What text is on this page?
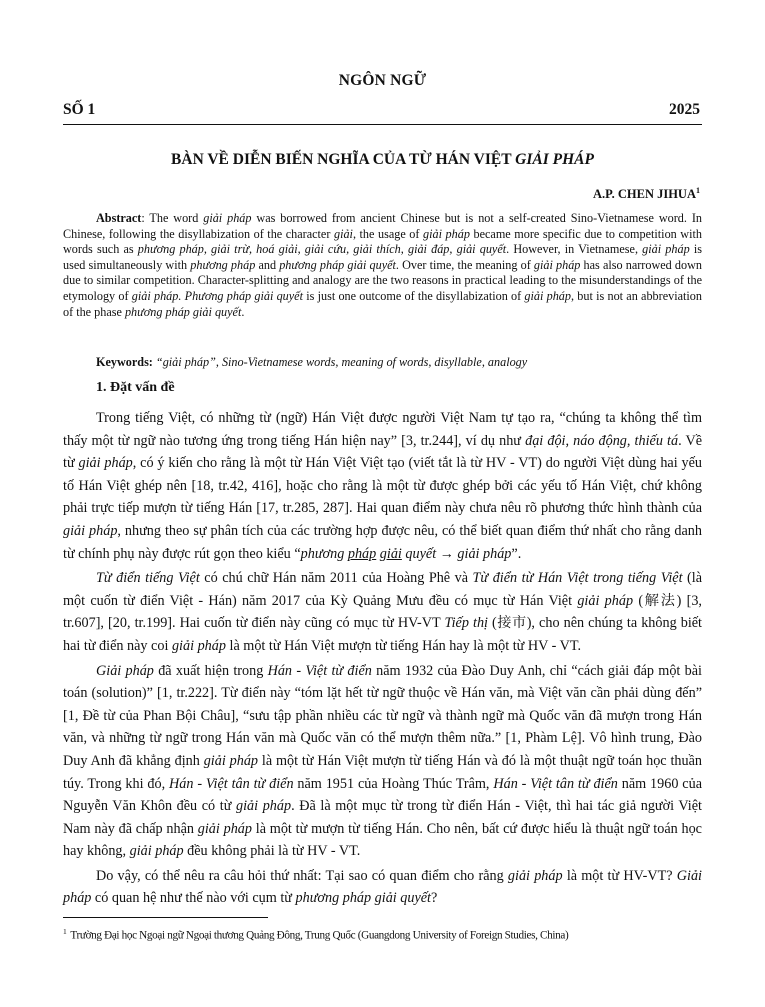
NGÔN NGỮ
SỐ 1	2025
BÀN VỀ DIỄN BIẾN NGHĨA CỦA TỪ HÁN VIỆT GIẢI PHÁP
A.P. CHEN JIHUA$^1$

Abstract: The word giải pháp was borrowed from ancient Chinese but is not a self-created Sino-Vietnamese word. In Chinese, following the disyllabization of the character giải, the usage of giải pháp became more specific due to competition with words such as phương pháp, giải trừ, hoá giải, giải cứu, giải thích, giải đáp, giải quyết. However, in Vietnamese, giải pháp is used simultaneously with phương pháp and phương pháp giải quyết. Over time, the meaning of giải pháp has also narrowed down due to similar competition. Character-splitting and analogy are the two reasons in practical leading to the misunderstandings of the etymology of giải pháp. Phương pháp giải quyết is just one outcome of the disyllabization of giải pháp, but is not an abbreviation of the phase phương pháp giải quyết.

Keywords: “giải pháp”, Sino-Vietnamese words, meaning of words, disyllable, analogy
1. Đặt vấn đề

Trong tiếng Việt, có những từ (ngữ) Hán Việt được người Việt Nam tự tạo ra, “chúng ta không thể tìm thấy một từ ngữ nào tương ứng trong tiếng Hán hiện nay” [3, tr.244], ví dụ như đại đội, náo động, thiếu tá. Về từ giải pháp, có ý kiến cho rằng là một từ Hán Việt Việt tạo (viết tắt là từ HV - VT) do người Việt dùng hai yếu tố Hán Việt ghép nên [18, tr.42, 416], hoặc cho rằng là một từ được ghép bởi các yếu tố Hán Việt, chứ không phải trực tiếp mượn từ tiếng Hán [17, tr.285, 287]. Hai quan điểm này chưa nêu rõ phương thức hình thành của giải pháp, nhưng theo sự phân tích của các trường hợp được nêu, có thể biết quan điểm thứ nhất cho rằng danh từ chính phụ này được rút gọn theo kiểu “phương pháp giải quyết → giải pháp”.

Từ điển tiếng Việt có chú chữ Hán năm 2011 của Hoàng Phê và Từ điển từ Hán Việt trong tiếng Việt (là một cuốn từ điển Việt - Hán) năm 2017 của Kỳ Quảng Mưu đều có mục từ Hán Việt giải pháp (解法) [3, tr.607], [20, tr.199]. Hai cuốn từ điển này cũng có mục từ HV-VT Tiếp thị (接市), cho nên chúng ta không biết hai từ điển này coi giải pháp là một từ Hán Việt mượn từ tiếng Hán hay là một từ HV - VT.

Giải pháp đã xuất hiện trong Hán - Việt từ điển năm 1932 của Đào Duy Anh, chỉ “cách giải đáp một bài toán (solution)” [1, tr.222]. Từ điển này “tóm lặt hết từ ngữ thuộc về Hán văn, mà Việt văn cần phải dùng đến” [1, Đề từ của Phan Bội Châu], “sưu tập phần nhiều các từ ngữ và thành ngữ mà Quốc văn đã mượn trong Hán văn, và những từ ngữ trong Hán văn mà Quốc văn có thể mượn thêm nữa.” [1, Phàm Lệ]. Vô hình trung, Đào Duy Anh đã khẳng định giải pháp là một từ Hán Việt mượn từ tiếng Hán và đó là một thuật ngữ toán học thuần túy. Trong khi đó, Hán - Việt tân từ điển năm 1951 của Hoàng Thúc Trâm, Hán - Việt tân từ điển năm 1960 của Nguyễn Văn Khôn đều có từ giải pháp. Đã là một mục từ trong từ điển Hán - Việt, thì hai tác giả người Việt Nam này đã chấp nhận giải pháp là một từ mượn từ tiếng Hán. Cho nên, bất cứ được hiểu là thuật ngữ toán học hay không, giải pháp đều không phải là từ HV - VT.

Do vậy, có thể nêu ra câu hỏi thứ nhất: Tại sao có quan điểm cho rằng giải pháp là một từ HV-VT? Giải pháp có quan hệ như thế nào với cụm từ phương pháp giải quyết?

$^1$ Trường Đại học Ngoại ngữ Ngoại thương Quảng Đông, Trung Quốc (Guangdong University of Foreign Studies, China)
